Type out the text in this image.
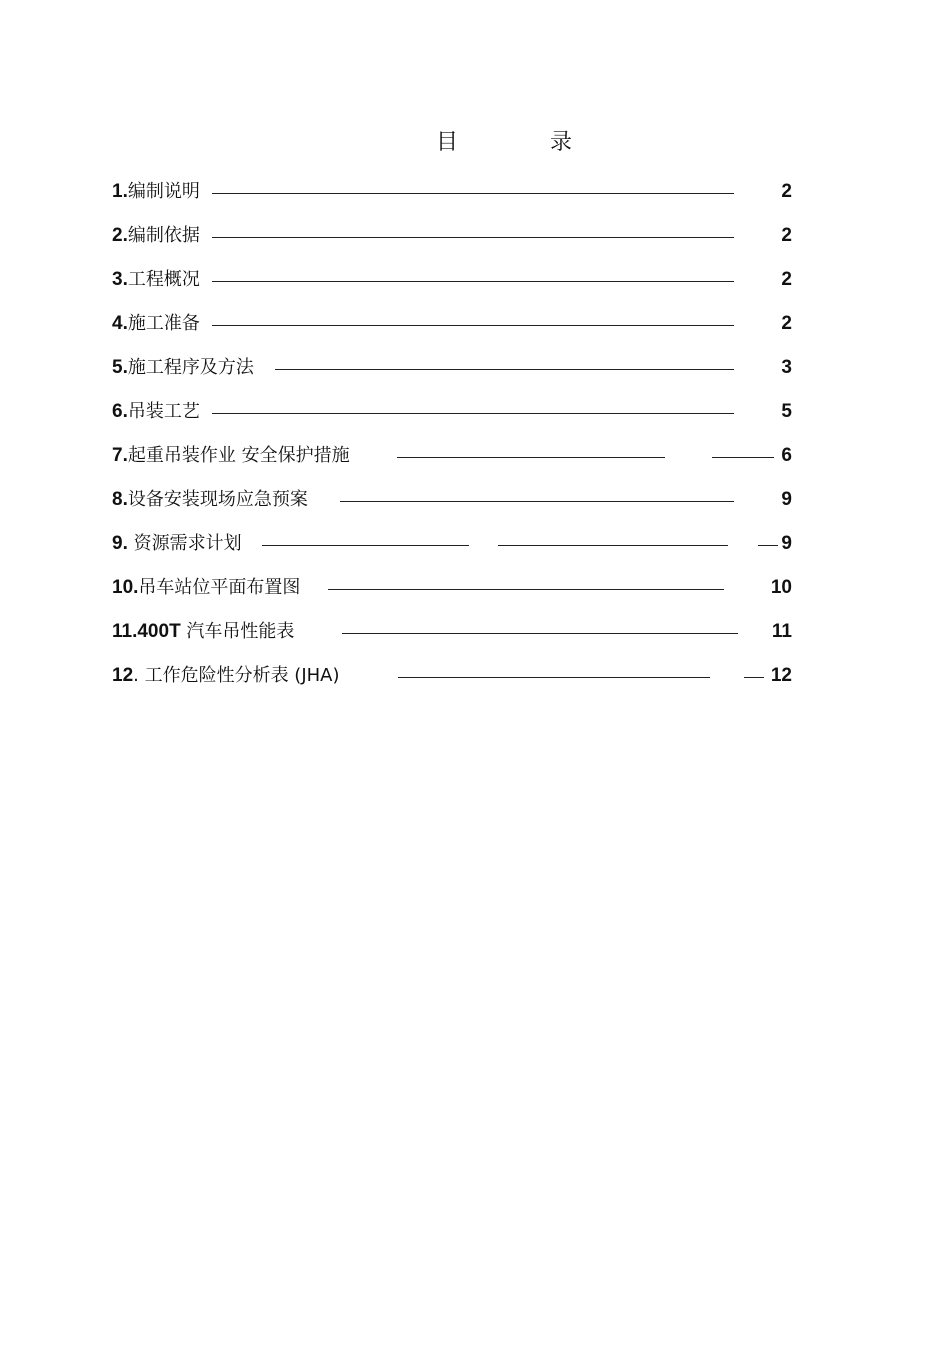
目	录
1.编制说明	2
2.编制依据	2
3.工程概况	2
4.施工准备	2
5.施工程序及方法	3
6.吊装工艺	5
7.起重吊装作业 安全保护措施	6
8.设备安装现场应急预案	9
9. 资源需求计划	9
10.吊车站位平面布置图	10
11.400T 汽车吊性能表	11
12. 工作危险性分析表 (JHA)	12
